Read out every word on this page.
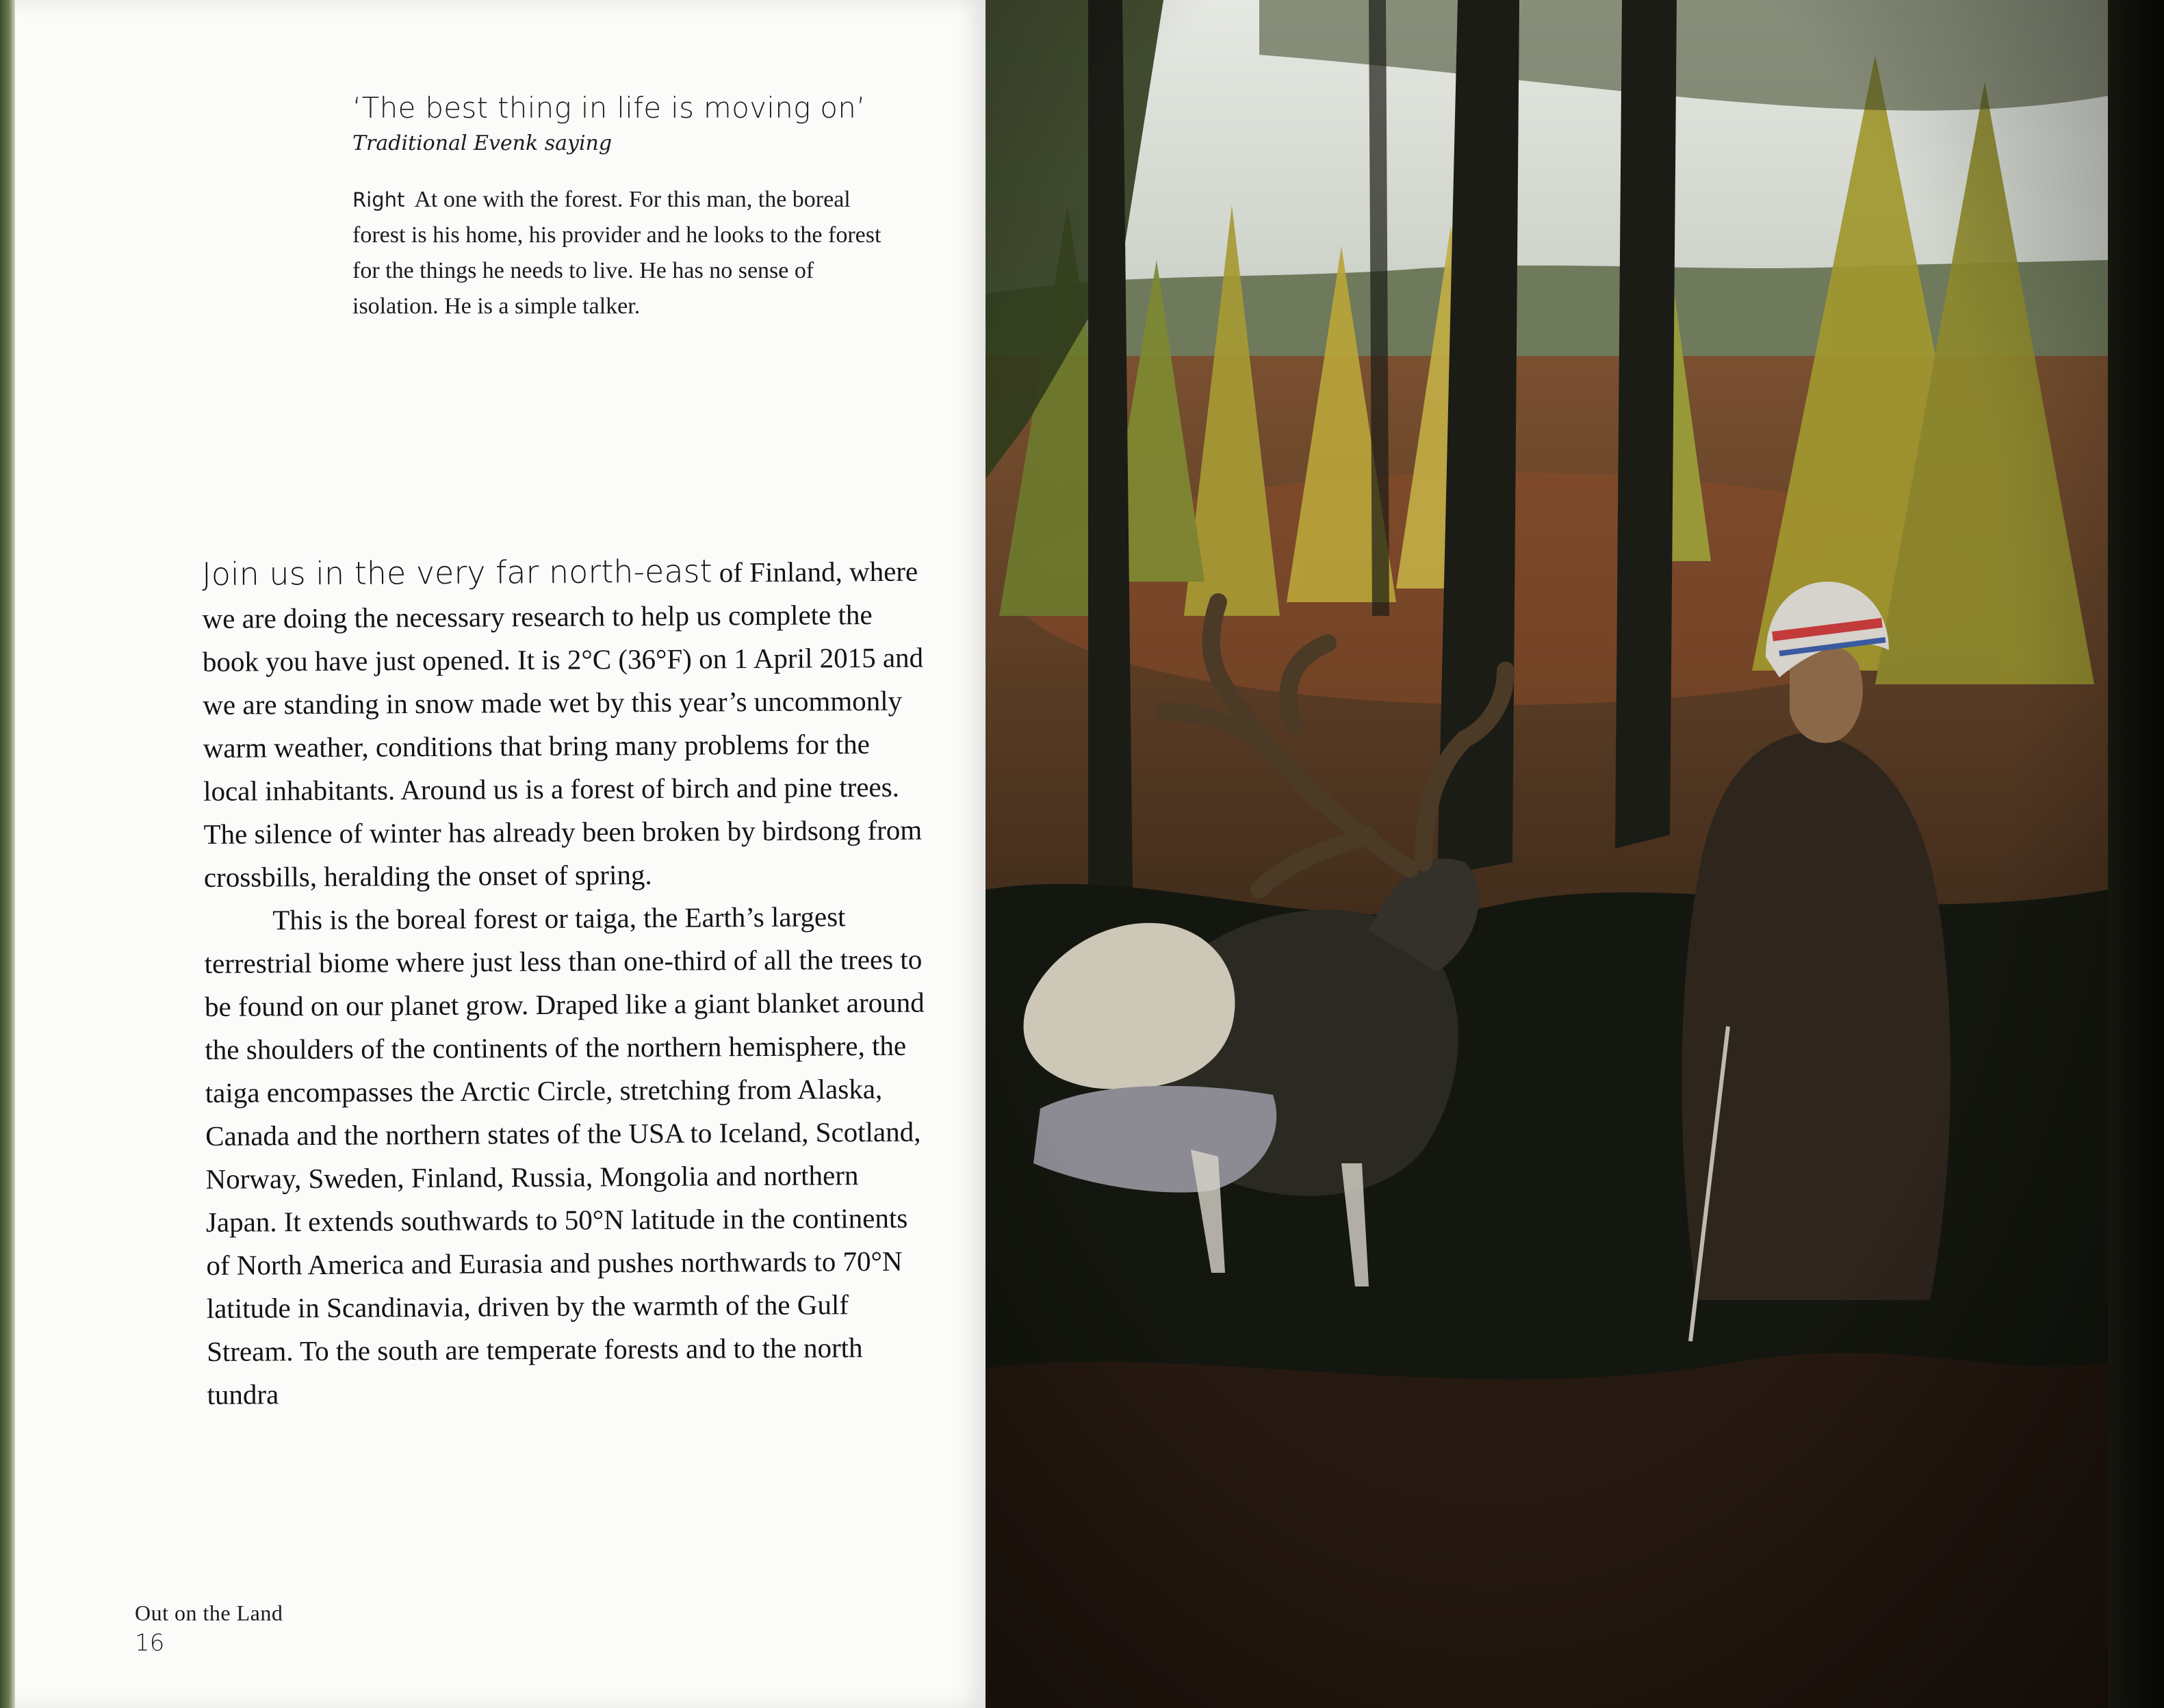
‘The best thing in life is moving on’
Traditional Evenk saying
Right At one with the forest. For this man, the boreal forest is his home, his provider and he looks to the forest for the things he needs to live. He has no sense of isolation. He is a simple talker.

Join us in the very far north-east of Finland, where we are doing the necessary research to help us complete the book you have just opened. It is 2°C (36°F) on 1 April 2015 and we are standing in snow made wet by this year’s uncommonly warm weather, conditions that bring many problems for the local inhabitants. Around us is a forest of birch and pine trees. The silence of winter has already been broken by birdsong from crossbills, heralding the onset of spring.

This is the boreal forest or taiga, the Earth’s largest terrestrial biome where just less than one-third of all the trees to be found on our planet grow. Draped like a giant blanket around the shoulders of the continents of the northern hemisphere, the taiga encompasses the Arctic Circle, stretching from Alaska, Canada and the northern states of the USA to Iceland, Scotland, Norway, Sweden, Finland, Russia, Mongolia and northern Japan. It extends southwards to 50°N latitude in the continents of North America and Eurasia and pushes northwards to 70°N latitude in Scandinavia, driven by the warmth of the Gulf Stream. To the south are temperate forests and to the north tundra

Out on the Land
16
